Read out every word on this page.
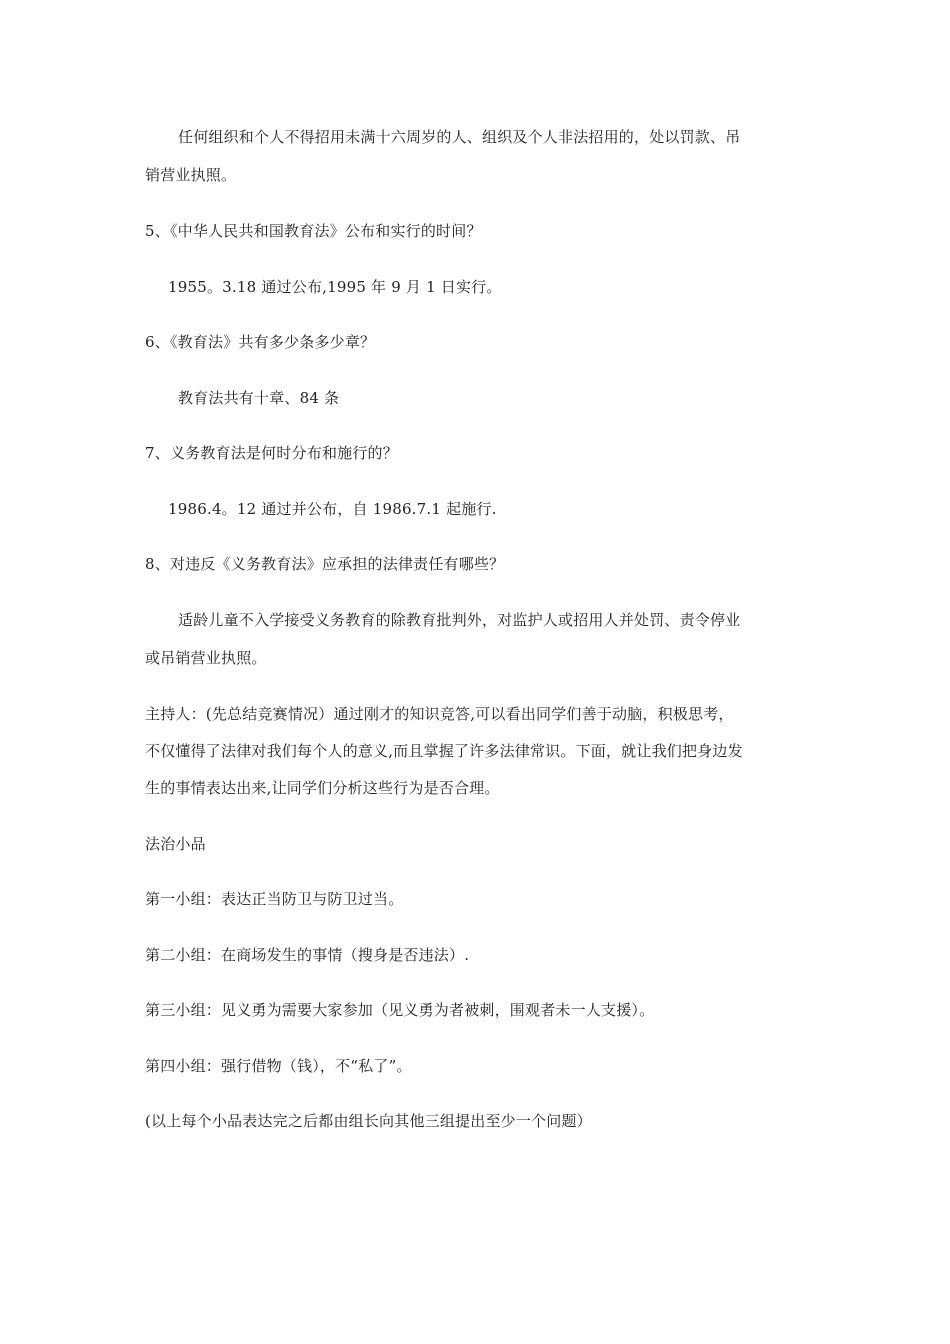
任何组织和个人不得招用未满十六周岁的人、组织及个人非法招用的，处以罚款、吊
销营业执照。
5、《中华人民共和国教育法》公布和实行的时间？
1955。3.18 通过公布,1995 年 9 月 1 日实行。
6、《教育法》共有多少条多少章？
教育法共有十章、84 条
7、义务教育法是何时分布和施行的？
1986.4。12 通过并公布，自 1986.7.1 起施行.
8、对违反《义务教育法》应承担的法律责任有哪些？
适龄儿童不入学接受义务教育的除教育批判外，对监护人或招用人并处罚、责令停业
或吊销营业执照。
主持人：(先总结竞赛情况）通过刚才的知识竞答,可以看出同学们善于动脑，积极思考，
不仅懂得了法律对我们每个人的意义,而且掌握了许多法律常识。下面，就让我们把身边发
生的事情表达出来,让同学们分析这些行为是否合理。
法治小品
第一小组：表达正当防卫与防卫过当。
第二小组：在商场发生的事情（搜身是否违法）.
第三小组：见义勇为需要大家参加（见义勇为者被刺，围观者未一人支援）。
第四小组：强行借物（钱），不“私了”。
(以上每个小品表达完之后都由组长向其他三组提出至少一个问题）
